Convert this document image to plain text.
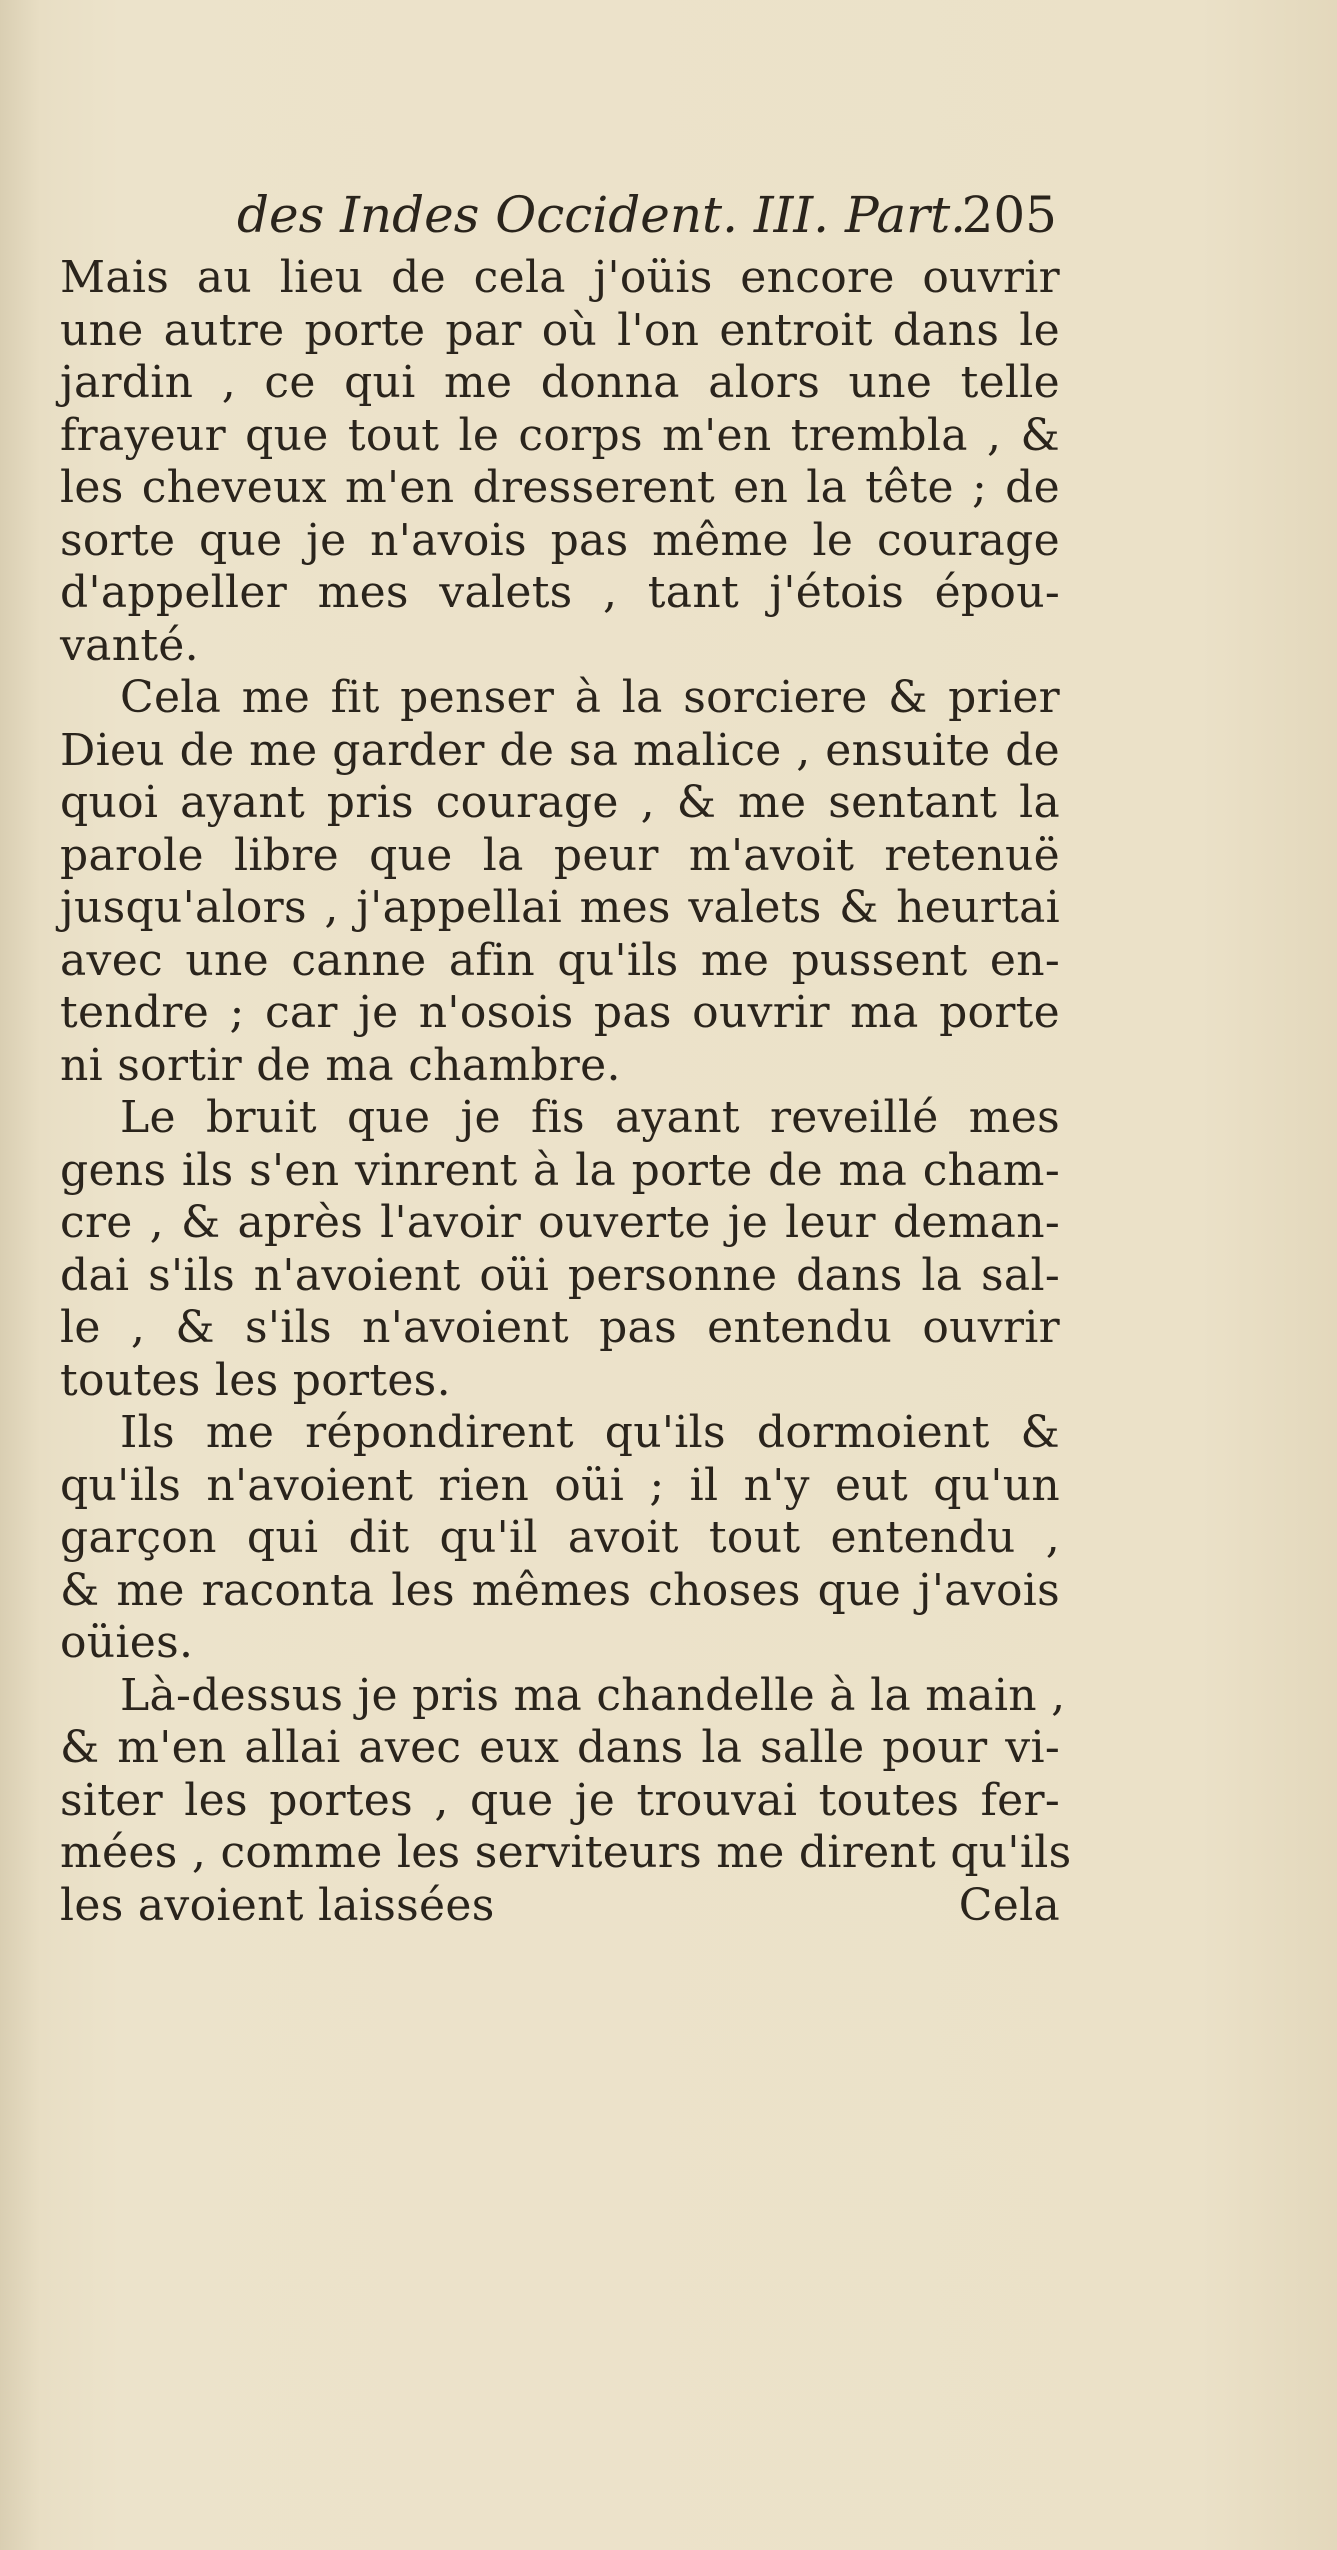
des Indes Occident. III. Part.
205
Mais au lieu de cela j'oüis encore ouvrir
une autre porte par où l'on entroit dans le
jardin , ce qui me donna alors une telle
frayeur que tout le corps m'en trembla , &
les cheveux m'en dresserent en la tête ; de
sorte que je n'avois pas même le courage
d'appeller mes valets , tant j'étois épou-
vanté.
Cela me fit penser à la sorciere & prier
Dieu de me garder de sa malice , ensuite de
quoi ayant pris courage , & me sentant la
parole libre que la peur m'avoit retenuë
jusqu'alors , j'appellai mes valets & heurtai
avec une canne afin qu'ils me pussent en-
tendre ; car je n'osois pas ouvrir ma porte
ni sortir de ma chambre.
Le bruit que je fis ayant reveillé mes
gens ils s'en vinrent à la porte de ma cham-
cre , & après l'avoir ouverte je leur deman-
dai s'ils n'avoient oüi personne dans la sal-
le , & s'ils n'avoient pas entendu ouvrir
toutes les portes.
Ils me répondirent qu'ils dormoient &
qu'ils n'avoient rien oüi ; il n'y eut qu'un
garçon qui dit qu'il avoit tout entendu ,
& me raconta les mêmes choses que j'avois
oüies.
Là-dessus je pris ma chandelle à la main ,
& m'en allai avec eux dans la salle pour vi-
siter les portes , que je trouvai toutes fer-
mées , comme les serviteurs me dirent qu'ils
les avoient laissées	Cela
